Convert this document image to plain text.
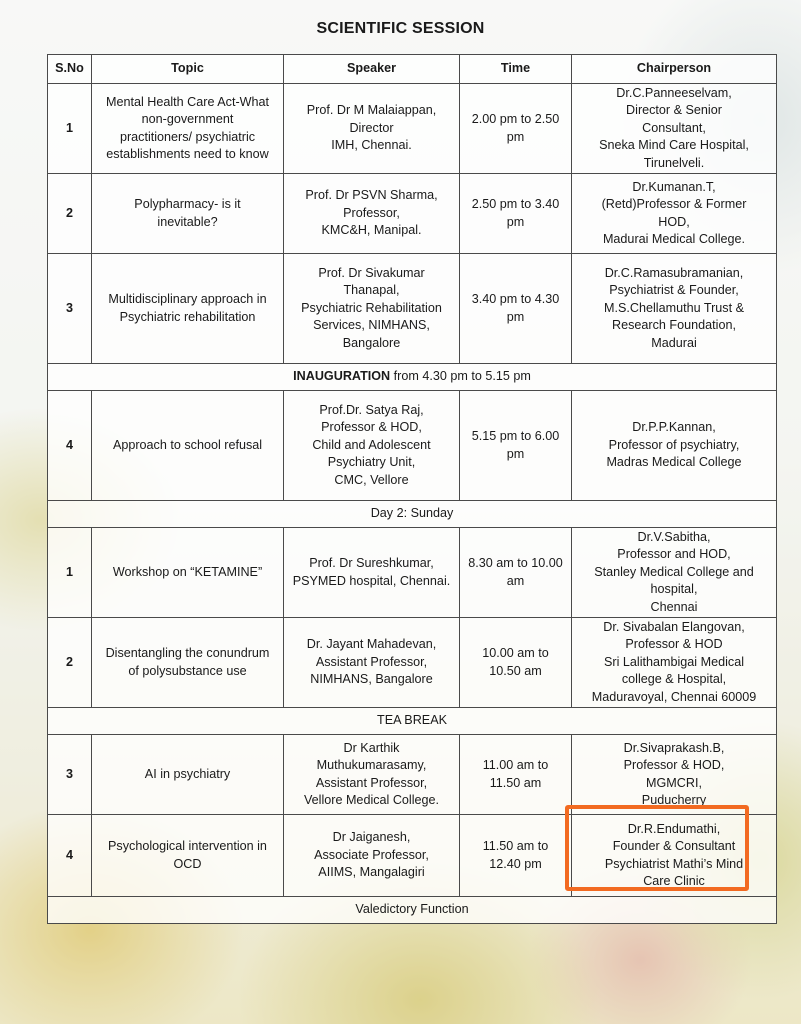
SCIENTIFIC SESSION
S.No	Topic	Speaker	Time	Chairperson
1	Mental Health Care Act-What
non-government
practitioners/ psychiatric
establishments need to know	Prof. Dr M Malaiappan,
Director
IMH, Chennai.	2.00 pm to 2.50
pm	Dr.C.Panneeselvam,
Director & Senior
Consultant,
Sneka Mind Care Hospital,
Tirunelveli.
2	Polypharmacy- is it
inevitable?	Prof. Dr PSVN Sharma,
Professor,
KMC&H, Manipal.	2.50 pm to 3.40
pm	Dr.Kumanan.T,
(Retd)Professor & Former
HOD,
Madurai Medical College.
3	Multidisciplinary approach in
Psychiatric rehabilitation	Prof. Dr Sivakumar
Thanapal,
Psychiatric Rehabilitation
Services, NIMHANS,
Bangalore	3.40 pm to 4.30
pm	Dr.C.Ramasubramanian,
Psychiatrist & Founder,
M.S.Chellamuthu Trust &
Research Foundation,
Madurai
INAUGURATION from 4.30 pm to 5.15 pm				
4	Approach to school refusal	Prof.Dr. Satya Raj,
Professor & HOD,
Child and Adolescent
Psychiatry Unit,
CMC, Vellore	5.15 pm to 6.00
pm	Dr.P.P.Kannan,
Professor of psychiatry,
Madras Medical College
Day 2: Sunday				
1	Workshop on “KETAMINE”	Prof. Dr Sureshkumar,
PSYMED hospital, Chennai.	8.30 am to 10.00
am	Dr.V.Sabitha,
Professor and HOD,
Stanley Medical College and
hospital,
Chennai
2	Disentangling the conundrum
of polysubstance use	Dr. Jayant Mahadevan,
Assistant Professor,
NIMHANS, Bangalore	10.00 am to
10.50 am	Dr. Sivabalan Elangovan,
Professor & HOD
Sri Lalithambigai Medical
college & Hospital,
Maduravoyal, Chennai 60009
TEA BREAK				
3	AI in psychiatry	Dr Karthik
Muthukumarasamy,
Assistant Professor,
Vellore Medical College.	11.00 am to
11.50 am	Dr.Sivaprakash.B,
Professor & HOD,
MGMCRI,
Puducherry
4	Psychological intervention in
OCD	Dr Jaiganesh,
Associate Professor,
AIIMS, Mangalagiri	11.50 am to
12.40 pm	Dr.R.Endumathi,
Founder & Consultant
Psychiatrist Mathi’s Mind
Care Clinic
Valedictory Function				
